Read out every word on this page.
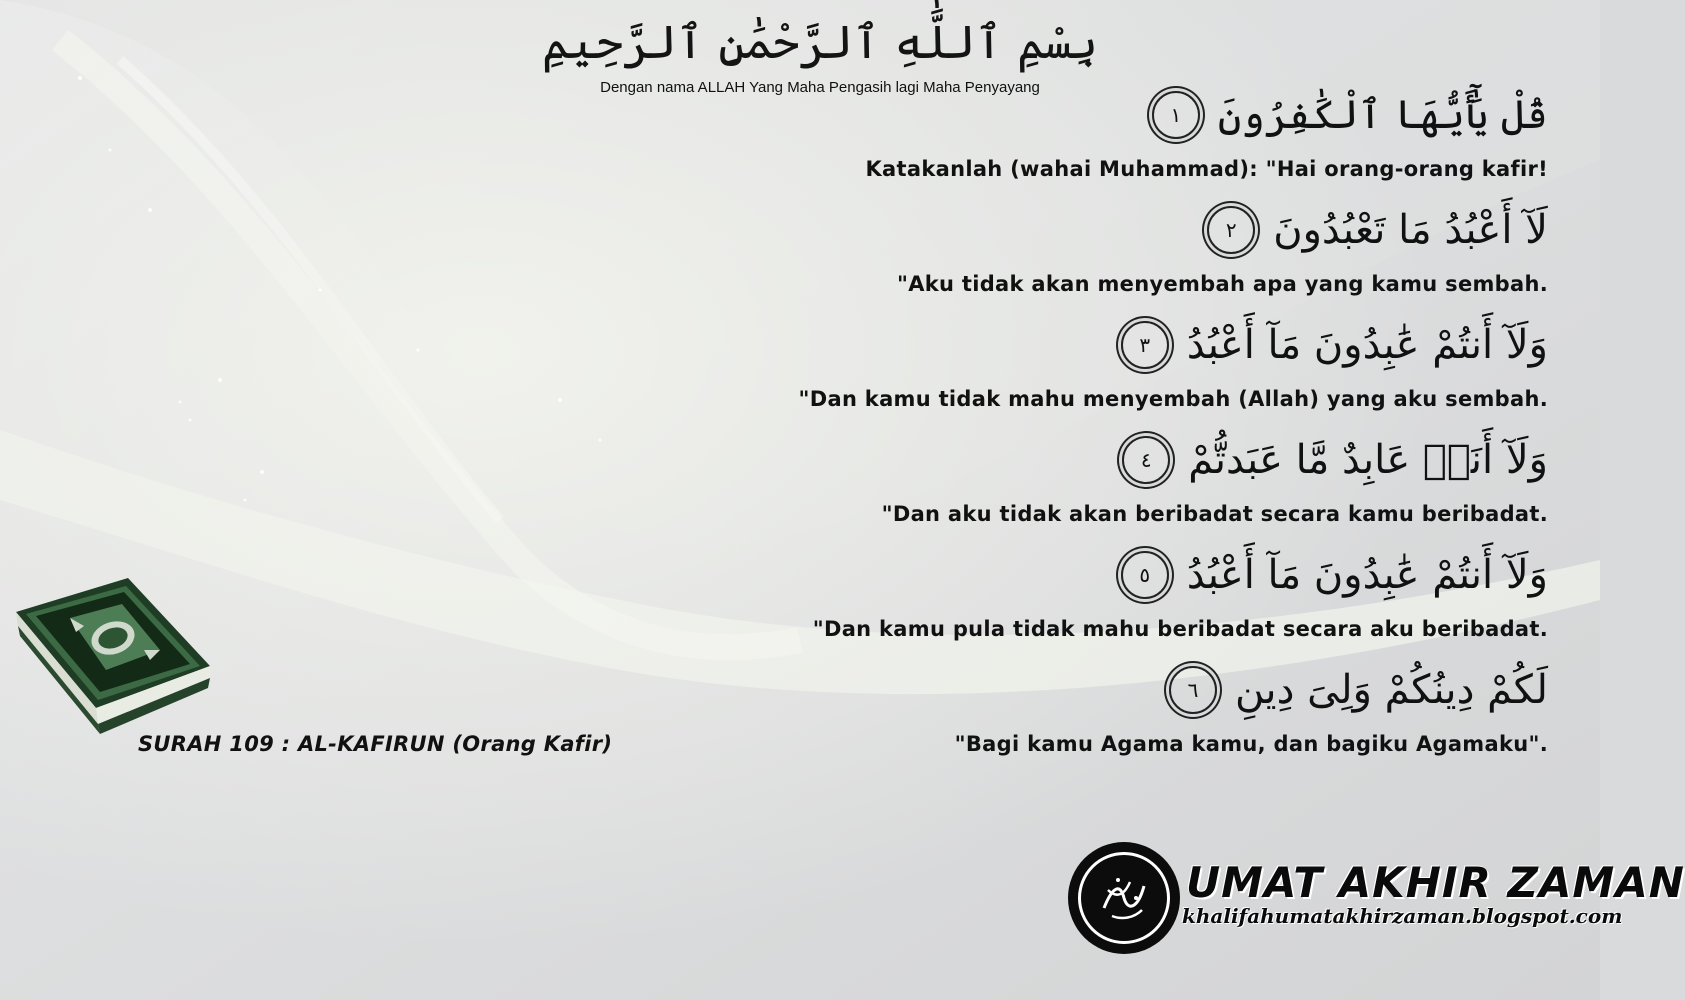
بِسْمِ ٱللَّٰهِ ٱلرَّحْمَٰنِ ٱلرَّحِيمِ
Dengan nama ALLAH Yang Maha Pengasih lagi Maha Penyayang
قُلْ يَٰٓأَيُّهَا ٱلْكَٰفِرُونَ
١
Katakanlah (wahai Muhammad): "Hai orang-orang kafir!
لَآ أَعْبُدُ مَا تَعْبُدُونَ
٢
"Aku tidak akan menyembah apa yang kamu sembah.
وَلَآ أَنتُمْ عَٰبِدُونَ مَآ أَعْبُدُ
٣
"Dan kamu tidak mahu menyembah (Allah) yang aku sembah.
وَلَآ أَنَا۠ عَابِدٌ مَّا عَبَدتُّمْ
٤
"Dan aku tidak akan beribadat secara kamu beribadat.
وَلَآ أَنتُمْ عَٰبِدُونَ مَآ أَعْبُدُ
٥
"Dan kamu pula tidak mahu beribadat secara aku beribadat.
لَكُمْ دِينُكُمْ وَلِىَ دِينِ
٦
"Bagi kamu Agama kamu, dan bagiku Agamaku".
SURAH 109 : AL-KAFIRUN (Orang Kafir)
UMAT AKHIR ZAMAN
khalifahumatakhirzaman.blogspot.com
